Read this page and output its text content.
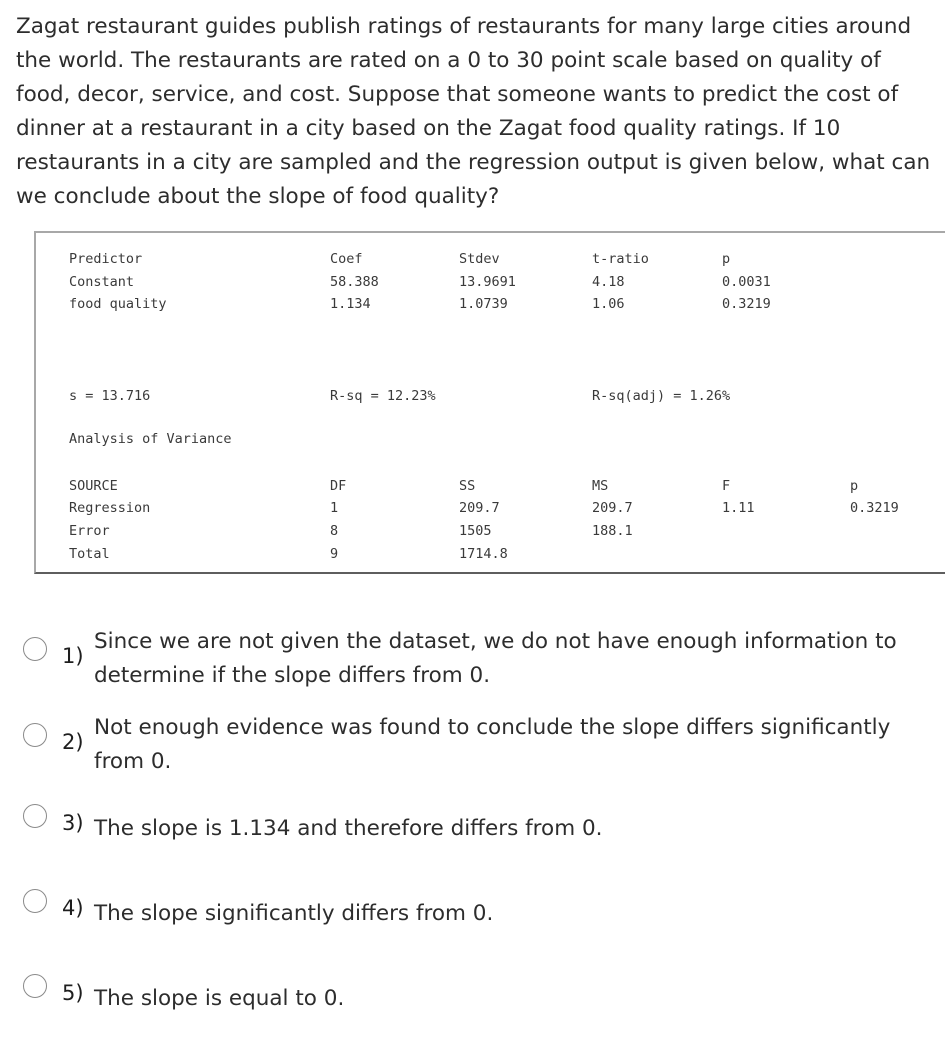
Zagat restaurant guides publish ratings of restaurants for many large cities around the world. The restaurants are rated on a 0 to 30 point scale based on quality of food, decor, service, and cost. Suppose that someone wants to predict the cost of dinner at a restaurant in a city based on the Zagat food quality ratings. If 10 restaurants in a city are sampled and the regression output is given below, what can we conclude about the slope of food quality?
Predictor	Coef	Stdev	t-ratio	p
Constant	58.388	13.9691	4.18	0.0031
food quality	1.134	1.0739	1.06	0.3219
s = 13.716	R-sq = 12.23%	R-sq(adj) = 1.26%
Analysis of Variance
SOURCE	DF	SS	MS	F	p
Regression	1	209.7	209.7	1.11	0.3219
Error	8	1505	188.1
Total	9	1714.8
1)
Since we are not given the dataset, we do not have enough information to determine if the slope differs from 0.
2)
Not enough evidence was found to conclude the slope differs significantly from 0.
3) The slope is 1.134 and therefore differs from 0.
4) The slope significantly differs from 0.
5) The slope is equal to 0.
